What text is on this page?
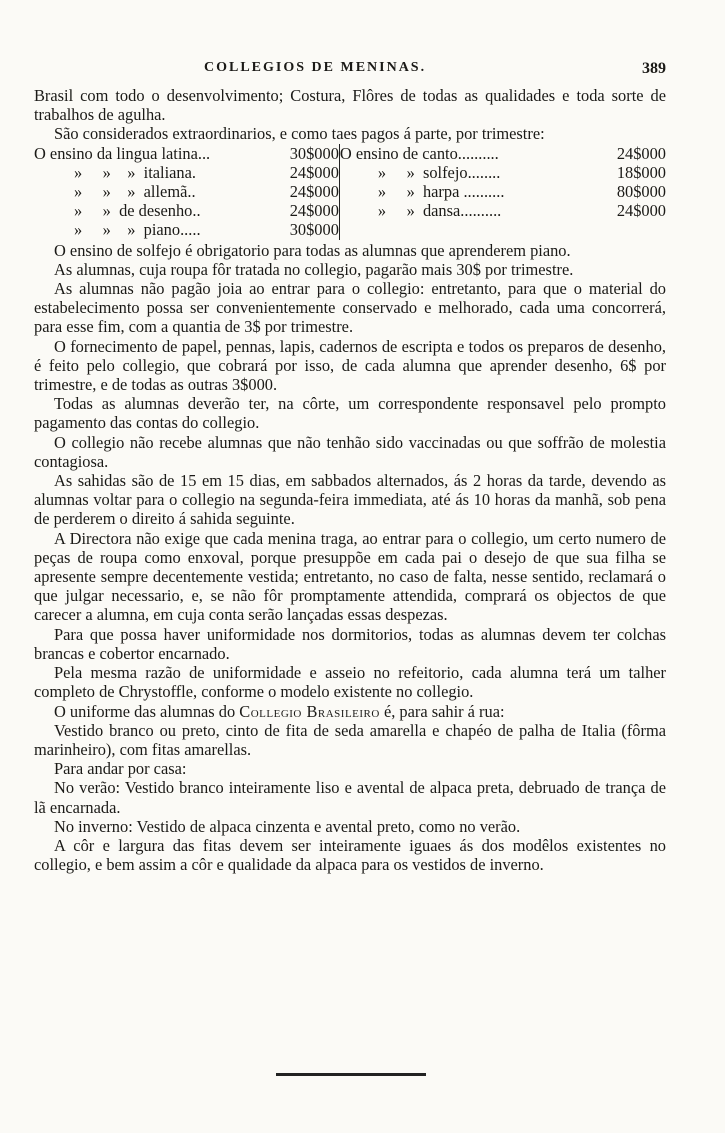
COLLEGIOS DE MENINAS.	389

Brasil com todo o desenvolvimento; Costura, Flôres de todas as qualidades e toda sorte de trabalhos de agulha.

São considerados extraordinarios, e como taes pagos á parte, por trimestre:

O ensino da lingua latina...	30$000	O ensino de canto..........	24$000
»     »    »  italiana.	24$000	»     »  solfejo........	18$000
»     »    »  allemã..	24$000	»     »  harpa ..........	80$000
»     »  de desenho..	24$000	»     »  dansa..........	24$000
»     »    »  piano.....	30$000		

O ensino de solfejo é obrigatorio para todas as alumnas que aprenderem piano.

As alumnas, cuja roupa fôr tratada no collegio, pagarão mais 30$ por trimestre.

As alumnas não pagão joia ao entrar para o collegio: entretanto, para que o material do estabelecimento possa ser convenientemente conservado e melhorado, cada uma concorrerá, para esse fim, com a quantia de 3$ por trimestre.

O fornecimento de papel, pennas, lapis, cadernos de escripta e todos os preparos de desenho, é feito pelo collegio, que cobrará por isso, de cada alumna que aprender desenho, 6$ por trimestre, e de todas as outras 3$000.

Todas as alumnas deverão ter, na côrte, um correspondente responsavel pelo prompto pagamento das contas do collegio.

O collegio não recebe alumnas que não tenhão sido vaccinadas ou que soffrão de molestia contagiosa.

As sahidas são de 15 em 15 dias, em sabbados alternados, ás 2 horas da tarde, devendo as alumnas voltar para o collegio na segunda-feira immediata, até ás 10 horas da manhã, sob pena de perderem o direito á sahida seguinte.

A Directora não exige que cada menina traga, ao entrar para o collegio, um certo numero de peças de roupa como enxoval, porque presuppõe em cada pai o desejo de que sua filha se apresente sempre decentemente vestida; entretanto, no caso de falta, nesse sentido, reclamará o que julgar necessario, e, se não fôr promptamente attendida, comprará os objectos de que carecer a alumna, em cuja conta serão lançadas essas despezas.

Para que possa haver uniformidade nos dormitorios, todas as alumnas devem ter colchas brancas e cobertor encarnado.

Pela mesma razão de uniformidade e asseio no refeitorio, cada alumna terá um talher completo de Chrystoffle, conforme o modelo existente no collegio.

O uniforme das alumnas do Collegio Brasileiro é, para sahir á rua:

Vestido branco ou preto, cinto de fita de seda amarella e chapéo de palha de Italia (fôrma marinheiro), com fitas amarellas.

Para andar por casa:

No verão: Vestido branco inteiramente liso e avental de alpaca preta, debruado de trança de lã encarnada.

No inverno: Vestido de alpaca cinzenta e avental preto, como no verão.

A côr e largura das fitas devem ser inteiramente iguaes ás dos modêlos existentes no collegio, e bem assim a côr e qualidade da alpaca para os vestidos de inverno.
